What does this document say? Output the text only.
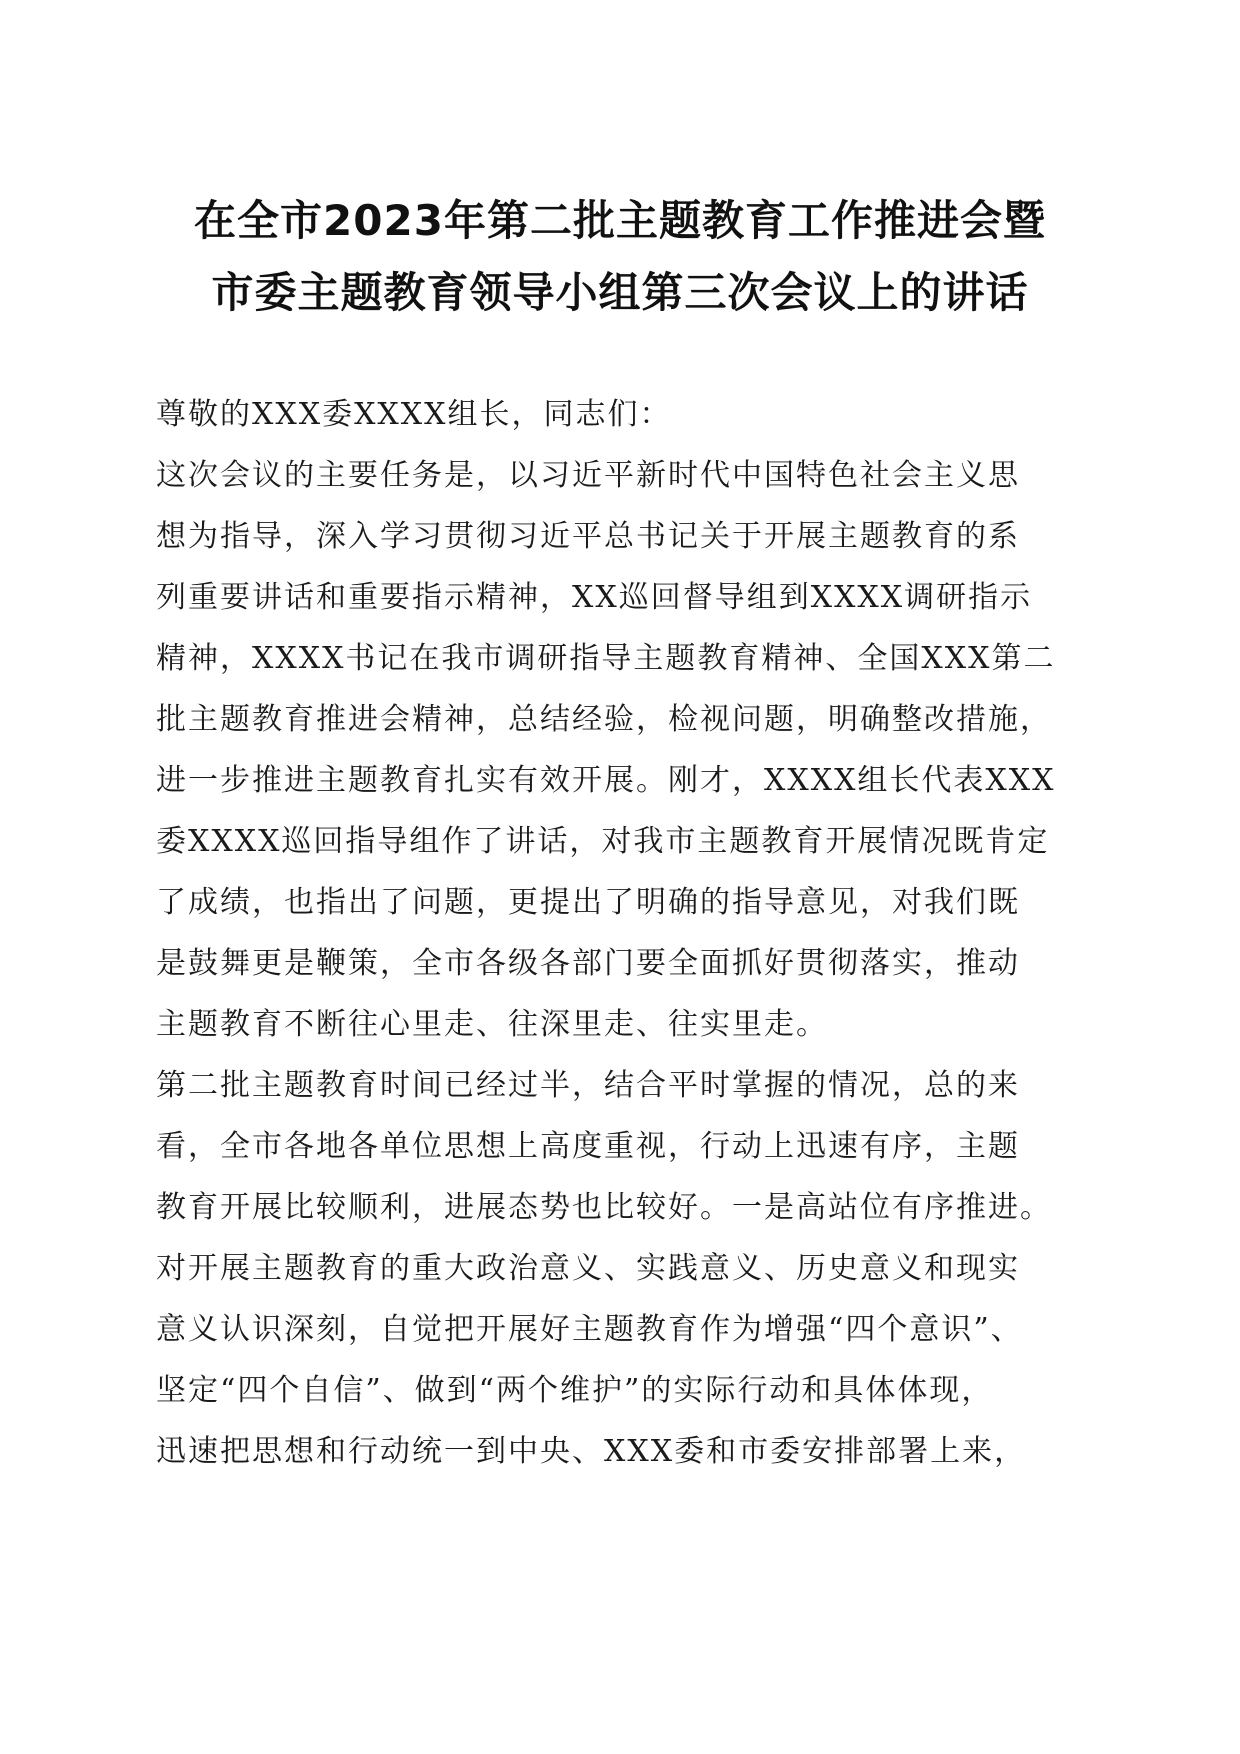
在全市2023年第二批主题教育工作推进会暨
市委主题教育领导小组第三次会议上的讲话
尊敬的XXX委XXXX组长，同志们：
这次会议的主要任务是，以习近平新时代中国特色社会主义思
想为指导，深入学习贯彻习近平总书记关于开展主题教育的系
列重要讲话和重要指示精神，XX巡回督导组到XXXX调研指示
精神，XXXX书记在我市调研指导主题教育精神、全国XXX第二
批主题教育推进会精神，总结经验，检视问题，明确整改措施，
进一步推进主题教育扎实有效开展。刚才，XXXX组长代表XXX
委XXXX巡回指导组作了讲话，对我市主题教育开展情况既肯定
了成绩，也指出了问题，更提出了明确的指导意见，对我们既
是鼓舞更是鞭策，全市各级各部门要全面抓好贯彻落实，推动
主题教育不断往心里走、往深里走、往实里走。
第二批主题教育时间已经过半，结合平时掌握的情况，总的来
看，全市各地各单位思想上高度重视，行动上迅速有序，主题
教育开展比较顺利，进展态势也比较好。一是高站位有序推进。
对开展主题教育的重大政治意义、实践意义、历史意义和现实
意义认识深刻，自觉把开展好主题教育作为增强“四个意识”、
坚定“四个自信”、做到“两个维护”的实际行动和具体体现，
迅速把思想和行动统一到中央、XXX委和市委安排部署上来，
